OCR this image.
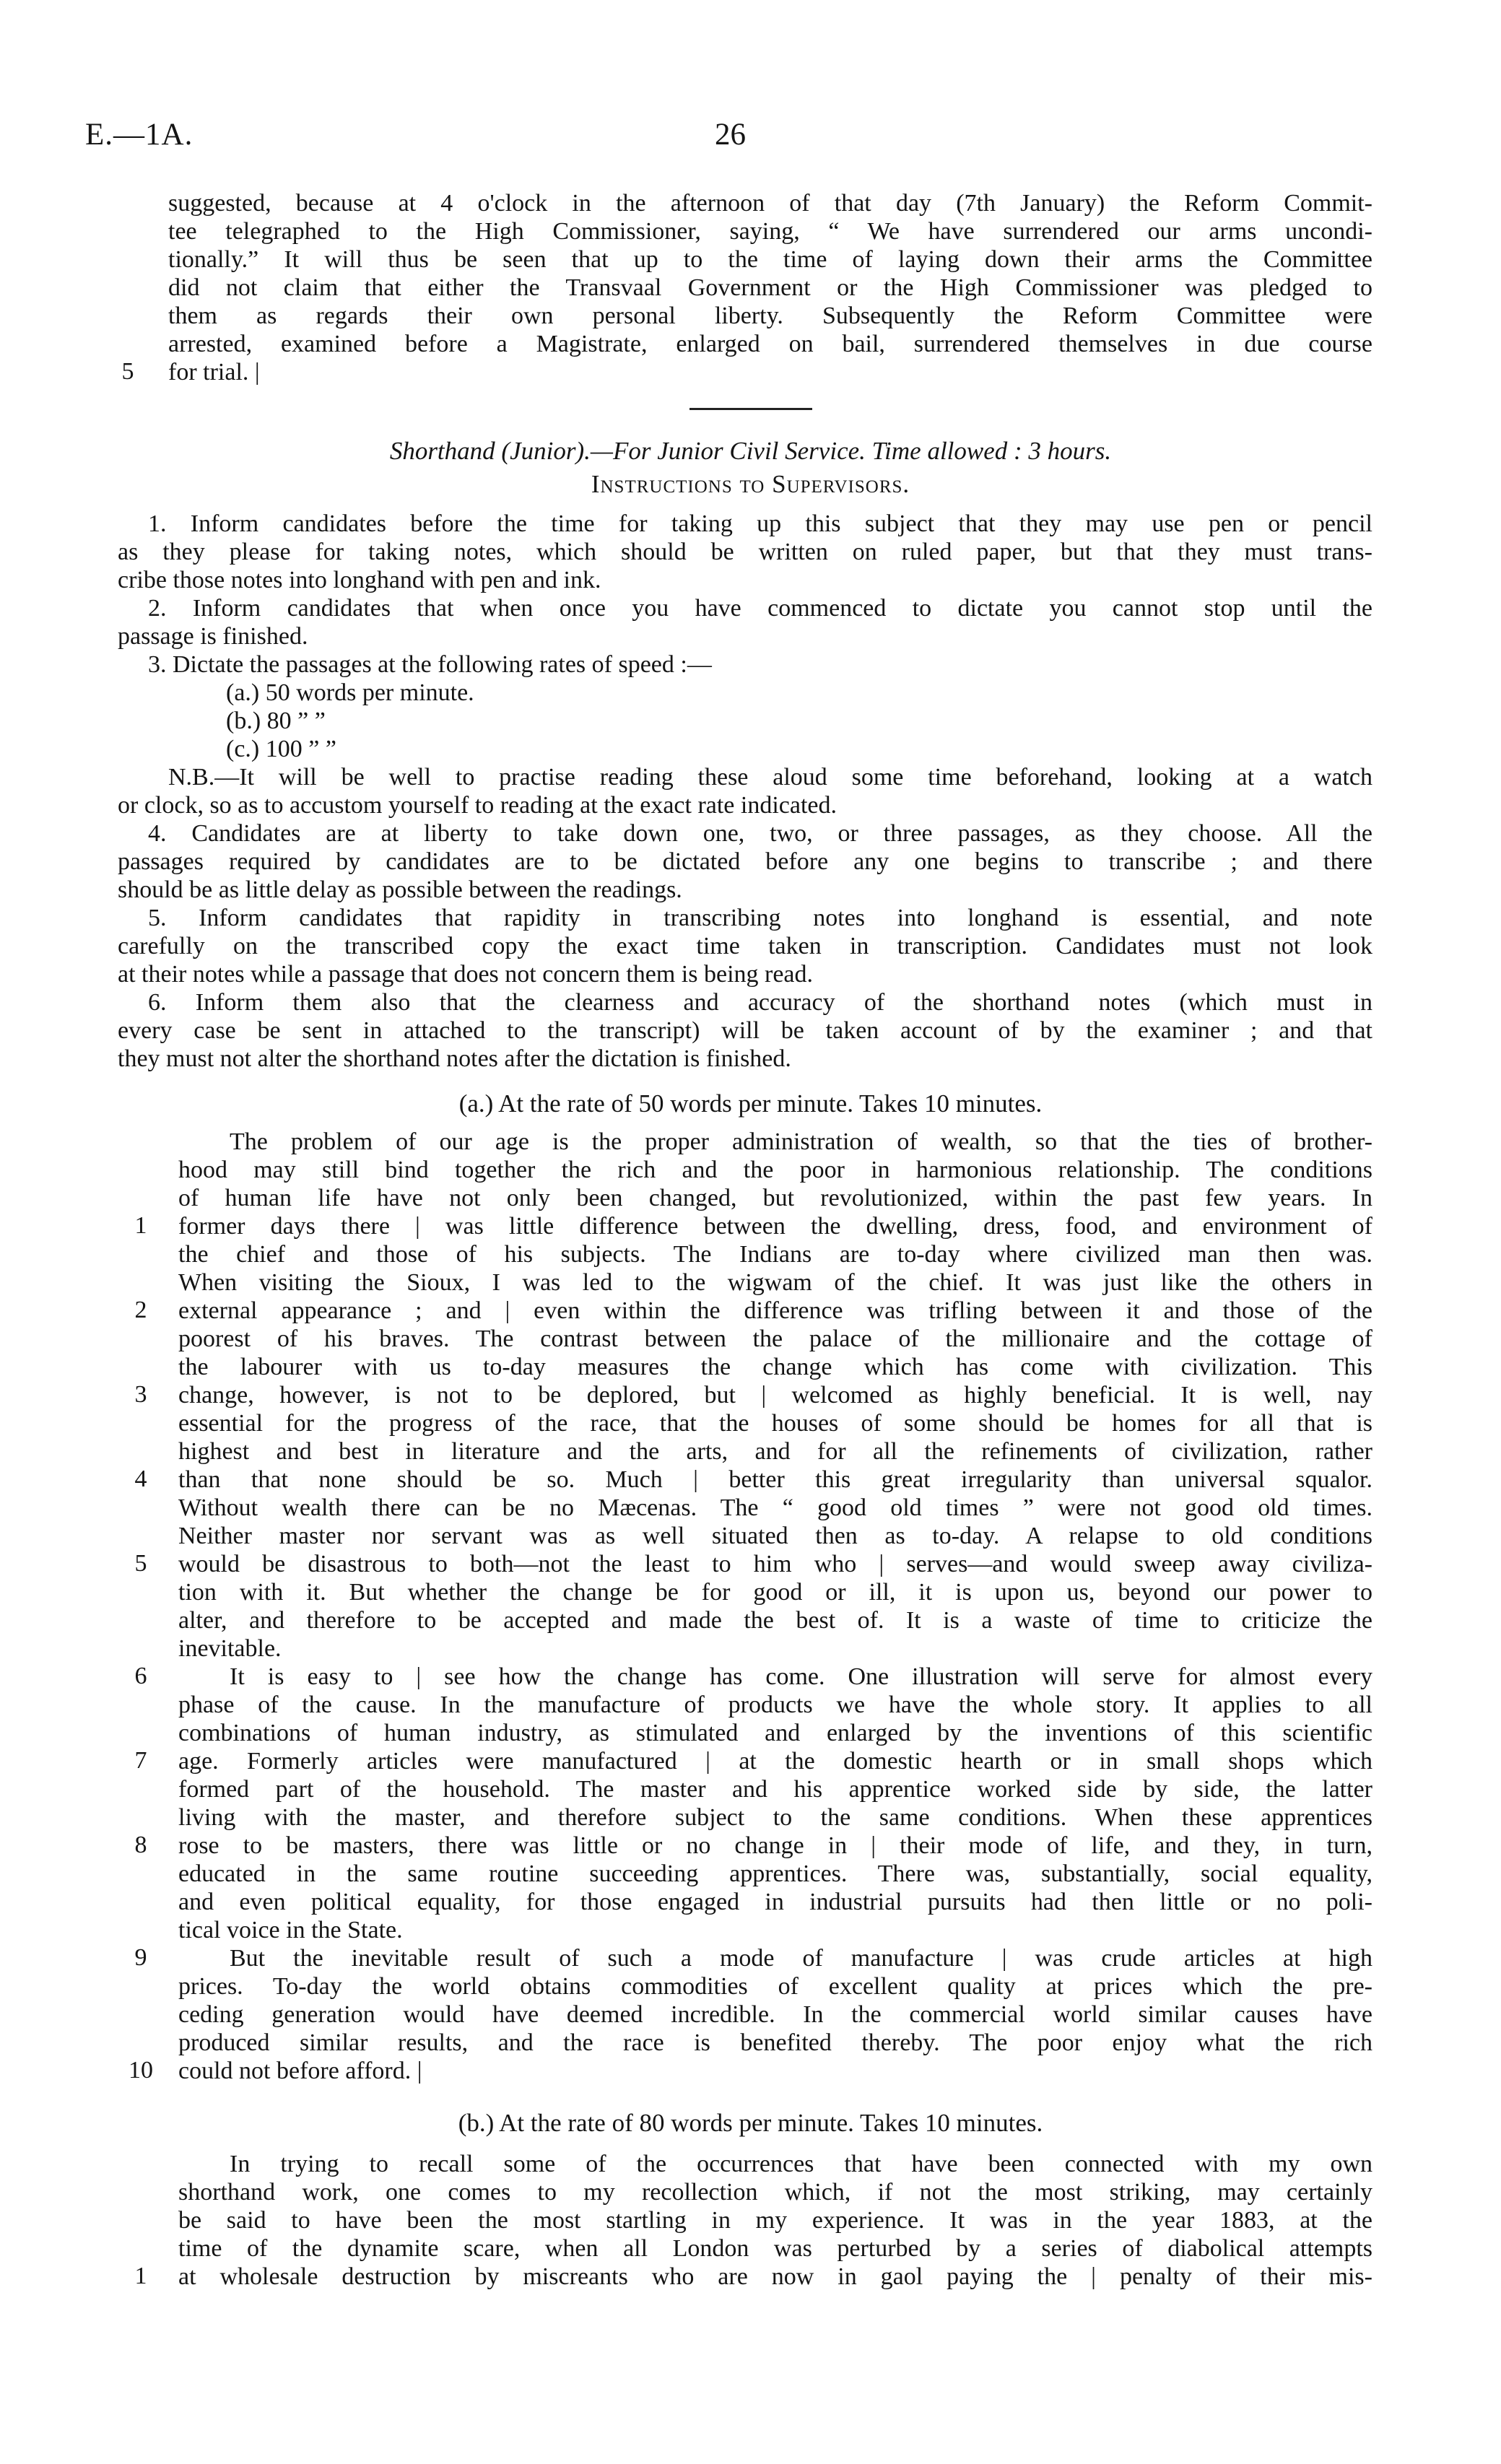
E.—1A.	26
suggested, because at 4 o'clock in the afternoon of that day (7th January) the Reform Commit-
tee telegraphed to the High Commissioner, saying, “ We have surrendered our arms uncondi-
tionally.” It will thus be seen that up to the time of laying down their arms the Committee
did not claim that either the Transvaal Government or the High Commissioner was pledged to
them as regards their own personal liberty. Subsequently the Reform Committee were
arrested, examined before a Magistrate, enlarged on bail, surrendered themselves in due course
for trial. |
5
Shorthand (Junior).—For Junior Civil Service. Time allowed : 3 hours.
Instructions to Supervisors.
1. Inform candidates before the time for taking up this subject that they may use pen or pencil
as they please for taking notes, which should be written on ruled paper, but that they must trans-
cribe those notes into longhand with pen and ink.
2. Inform candidates that when once you have commenced to dictate you cannot stop until the
passage is finished.
3. Dictate the passages at the following rates of speed :—
(a.) 50 words per minute.
(b.) 80 ” ”
(c.) 100 ” ”
N.B.—It will be well to practise reading these aloud some time beforehand, looking at a watch
or clock, so as to accustom yourself to reading at the exact rate indicated.
4. Candidates are at liberty to take down one, two, or three passages, as they choose. All the
passages required by candidates are to be dictated before any one begins to transcribe ; and there
should be as little delay as possible between the readings.
5. Inform candidates that rapidity in transcribing notes into longhand is essential, and note
carefully on the transcribed copy the exact time taken in transcription. Candidates must not look
at their notes while a passage that does not concern them is being read.
6. Inform them also that the clearness and accuracy of the shorthand notes (which must in
every case be sent in attached to the transcript) will be taken account of by the examiner ; and that
they must not alter the shorthand notes after the dictation is finished.
(a.) At the rate of 50 words per minute. Takes 10 minutes.
The problem of our age is the proper administration of wealth, so that the ties of brother-
hood may still bind together the rich and the poor in harmonious relationship. The conditions
of human life have not only been changed, but revolutionized, within the past few years. In
former days there | was little difference between the dwelling, dress, food, and environment of
the chief and those of his subjects. The Indians are to-day where civilized man then was.
When visiting the Sioux, I was led to the wigwam of the chief. It was just like the others in
external appearance ; and | even within the difference was trifling between it and those of the
poorest of his braves. The contrast between the palace of the millionaire and the cottage of
the labourer with us to-day measures the change which has come with civilization. This
change, however, is not to be deplored, but | welcomed as highly beneficial. It is well, nay
essential for the progress of the race, that the houses of some should be homes for all that is
highest and best in literature and the arts, and for all the refinements of civilization, rather
than that none should be so. Much | better this great irregularity than universal squalor.
Without wealth there can be no Mæcenas. The “ good old times ” were not good old times.
Neither master nor servant was as well situated then as to-day. A relapse to old conditions
would be disastrous to both—not the least to him who | serves—and would sweep away civiliza-
tion with it. But whether the change be for good or ill, it is upon us, beyond our power to
alter, and therefore to be accepted and made the best of. It is a waste of time to criticize the
inevitable.
It is easy to | see how the change has come. One illustration will serve for almost every
phase of the cause. In the manufacture of products we have the whole story. It applies to all
combinations of human industry, as stimulated and enlarged by the inventions of this scientific
age. Formerly articles were manufactured | at the domestic hearth or in small shops which
formed part of the household. The master and his apprentice worked side by side, the latter
living with the master, and therefore subject to the same conditions. When these apprentices
rose to be masters, there was little or no change in | their mode of life, and they, in turn,
educated in the same routine succeeding apprentices. There was, substantially, social equality,
and even political equality, for those engaged in industrial pursuits had then little or no poli-
tical voice in the State.
But the inevitable result of such a mode of manufacture | was crude articles at high
prices. To-day the world obtains commodities of excellent quality at prices which the pre-
ceding generation would have deemed incredible. In the commercial world similar causes have
produced similar results, and the race is benefited thereby. The poor enjoy what the rich
could not before afford. |
1
2
3
4
5
6
7
8
9
10
(b.) At the rate of 80 words per minute. Takes 10 minutes.
In trying to recall some of the occurrences that have been connected with my own
shorthand work, one comes to my recollection which, if not the most striking, may certainly
be said to have been the most startling in my experience. It was in the year 1883, at the
time of the dynamite scare, when all London was perturbed by a series of diabolical attempts
at wholesale destruction by miscreants who are now in gaol paying the | penalty of their mis-
1
